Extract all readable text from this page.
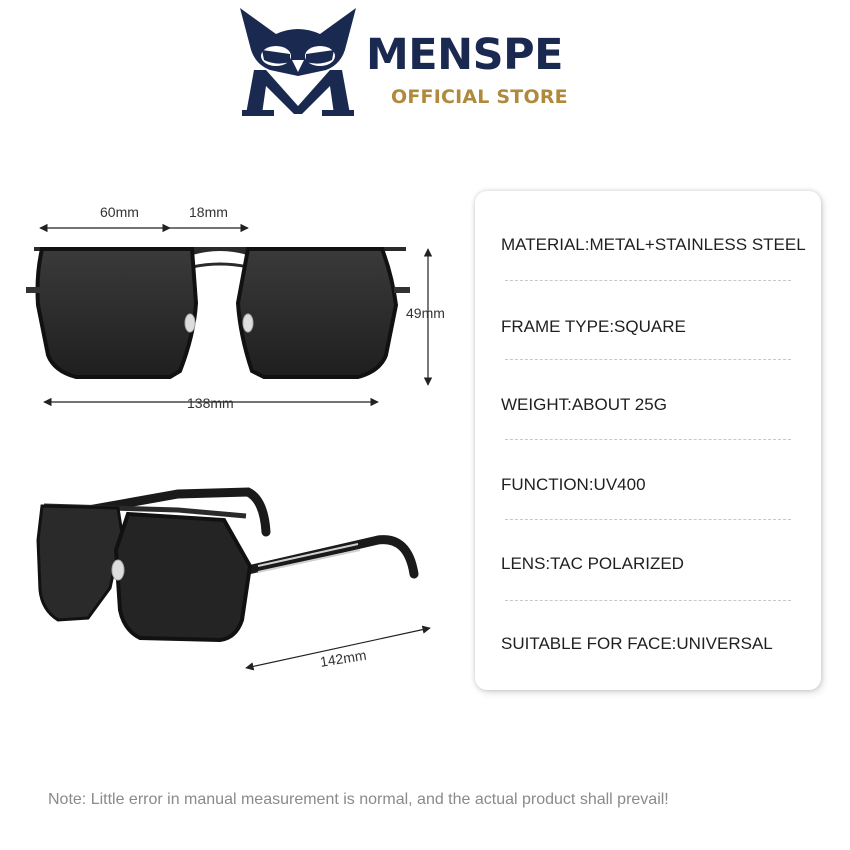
MENSPE
OFFICIAL STORE
60mm	18mm
49mm
138mm
142mm
MATERIAL:METAL+STAINLESS STEEL
FRAME TYPE:SQUARE
WEIGHT:ABOUT 25G
FUNCTION:UV400
LENS:TAC POLARIZED
SUITABLE FOR FACE:UNIVERSAL
Note: Little error in manual measurement is normal, and the actual product shall prevail!
